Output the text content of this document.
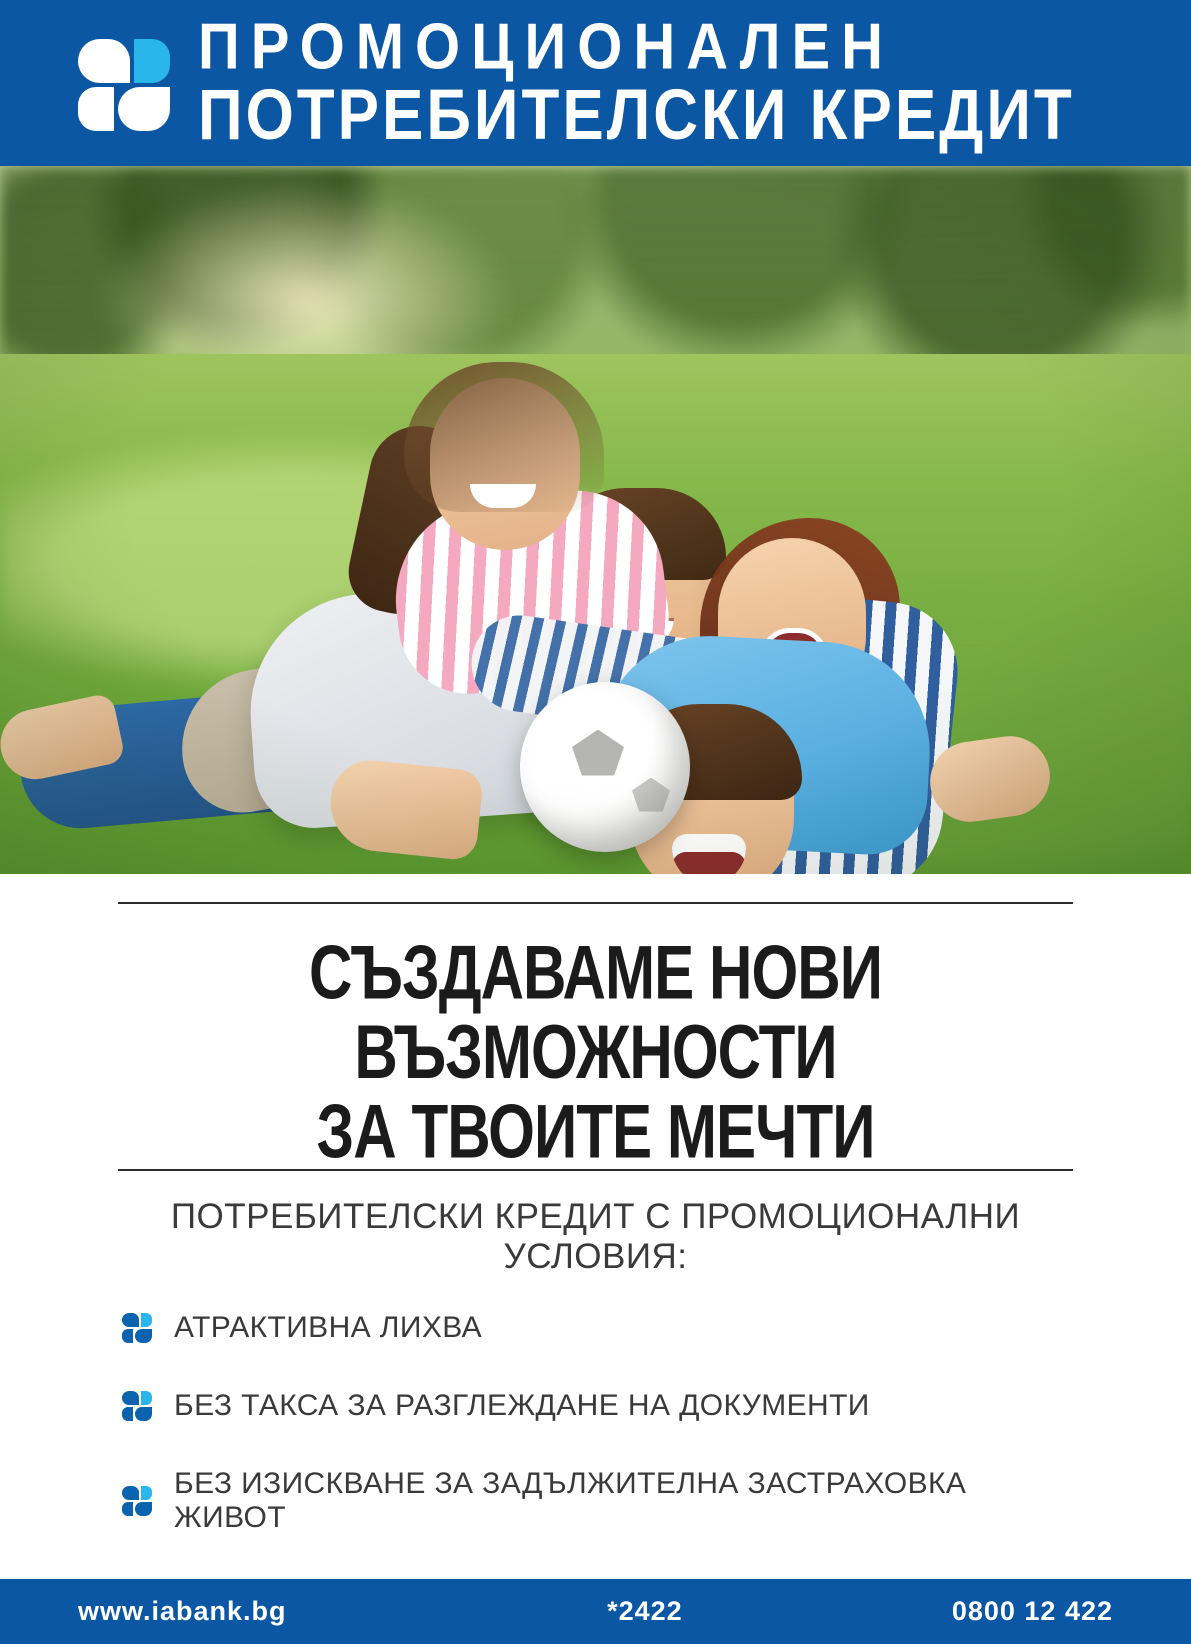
ПРОМОЦИОНАЛЕН
ПОТРЕБИТЕЛСКИ КРЕДИТ
СЪЗДАВАМЕ НОВИ ВЪЗМОЖНОСТИ
ЗА ТВОИТЕ МЕЧТИ
ПОТРЕБИТЕЛСКИ КРЕДИТ С ПРОМОЦИОНАЛНИ УСЛОВИЯ:
АТРАКТИВНА ЛИХВА
БЕЗ ТАКСА ЗА РАЗГЛЕЖДАНЕ НА ДОКУМЕНТИ
БЕЗ ИЗИСКВАНЕ ЗА ЗАДЪЛЖИТЕЛНА ЗАСТРАХОВКА ЖИВОТ
www.iabank.bg	*2422	0800 12 422
